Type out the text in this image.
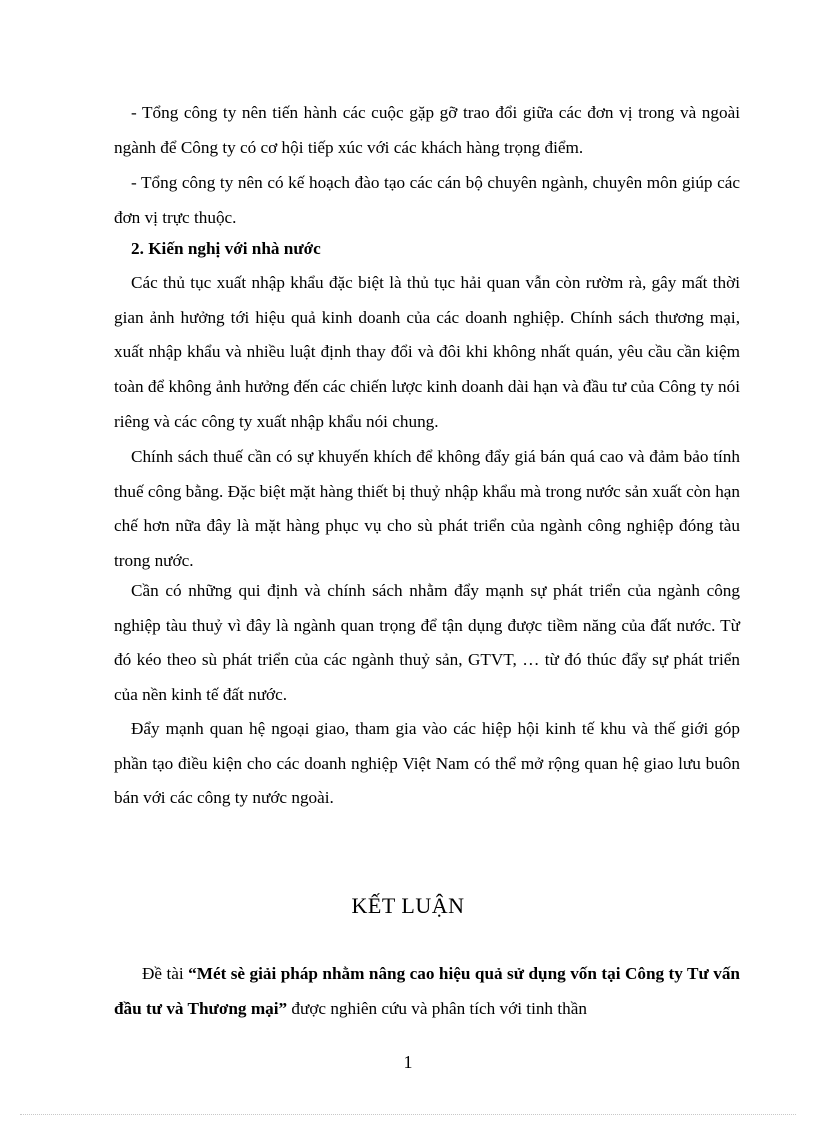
- Tổng công ty nên tiến hành các cuộc gặp gỡ trao đổi giữa các đơn vị trong và ngoài ngành để Công ty có cơ hội tiếp xúc với các khách hàng trọng điểm.

- Tổng công ty nên có kế hoạch đào tạo các cán bộ chuyên ngành, chuyên môn giúp các đơn vị trực thuộc.

2. Kiến nghị với nhà nước

Các thủ tục xuất nhập khẩu đặc biệt là thủ tục hải quan vẫn còn rườm rà, gây mất thời gian ảnh hưởng tới hiệu quả kinh doanh của các doanh nghiệp. Chính sách thương mại, xuất nhập khẩu và nhiều luật định thay đổi và đôi khi không nhất quán, yêu cầu cần kiệm toàn để không ảnh hưởng đến các chiến lược kinh doanh dài hạn và đầu tư của Công ty nói riêng và các công ty xuất nhập khẩu nói chung.

Chính sách thuế cần có sự khuyến khích để không đẩy giá bán quá cao và đảm bảo tính thuế công bằng. Đặc biệt mặt hàng thiết bị thuỷ nhập khẩu mà trong nước sản xuất còn hạn chế hơn nữa đây là mặt hàng phục vụ cho sù phát triển của ngành công nghiệp đóng tàu trong nước.

Cần có những qui định và chính sách nhằm đẩy mạnh sự phát triển của ngành công nghiệp tàu thuỷ vì đây là ngành quan trọng để tận dụng được tiềm năng của đất nước. Từ đó kéo theo sù phát triển của các ngành thuỷ sản, GTVT, … từ đó thúc đẩy sự phát triển của nền kinh tế đất nước.

Đẩy mạnh quan hệ ngoại giao, tham gia vào các hiệp hội kinh tế khu và thế giới góp phần tạo điều kiện cho các doanh nghiệp Việt Nam có thể mở rộng quan hệ giao lưu buôn bán với các công ty nước ngoài.

KẾT LUẬN

Đề tài “Mét sè giải pháp nhằm nâng cao hiệu quả sử dụng vốn tại Công ty Tư vấn đầu tư và Thương mại” được nghiên cứu và phân tích với tinh thần

1
